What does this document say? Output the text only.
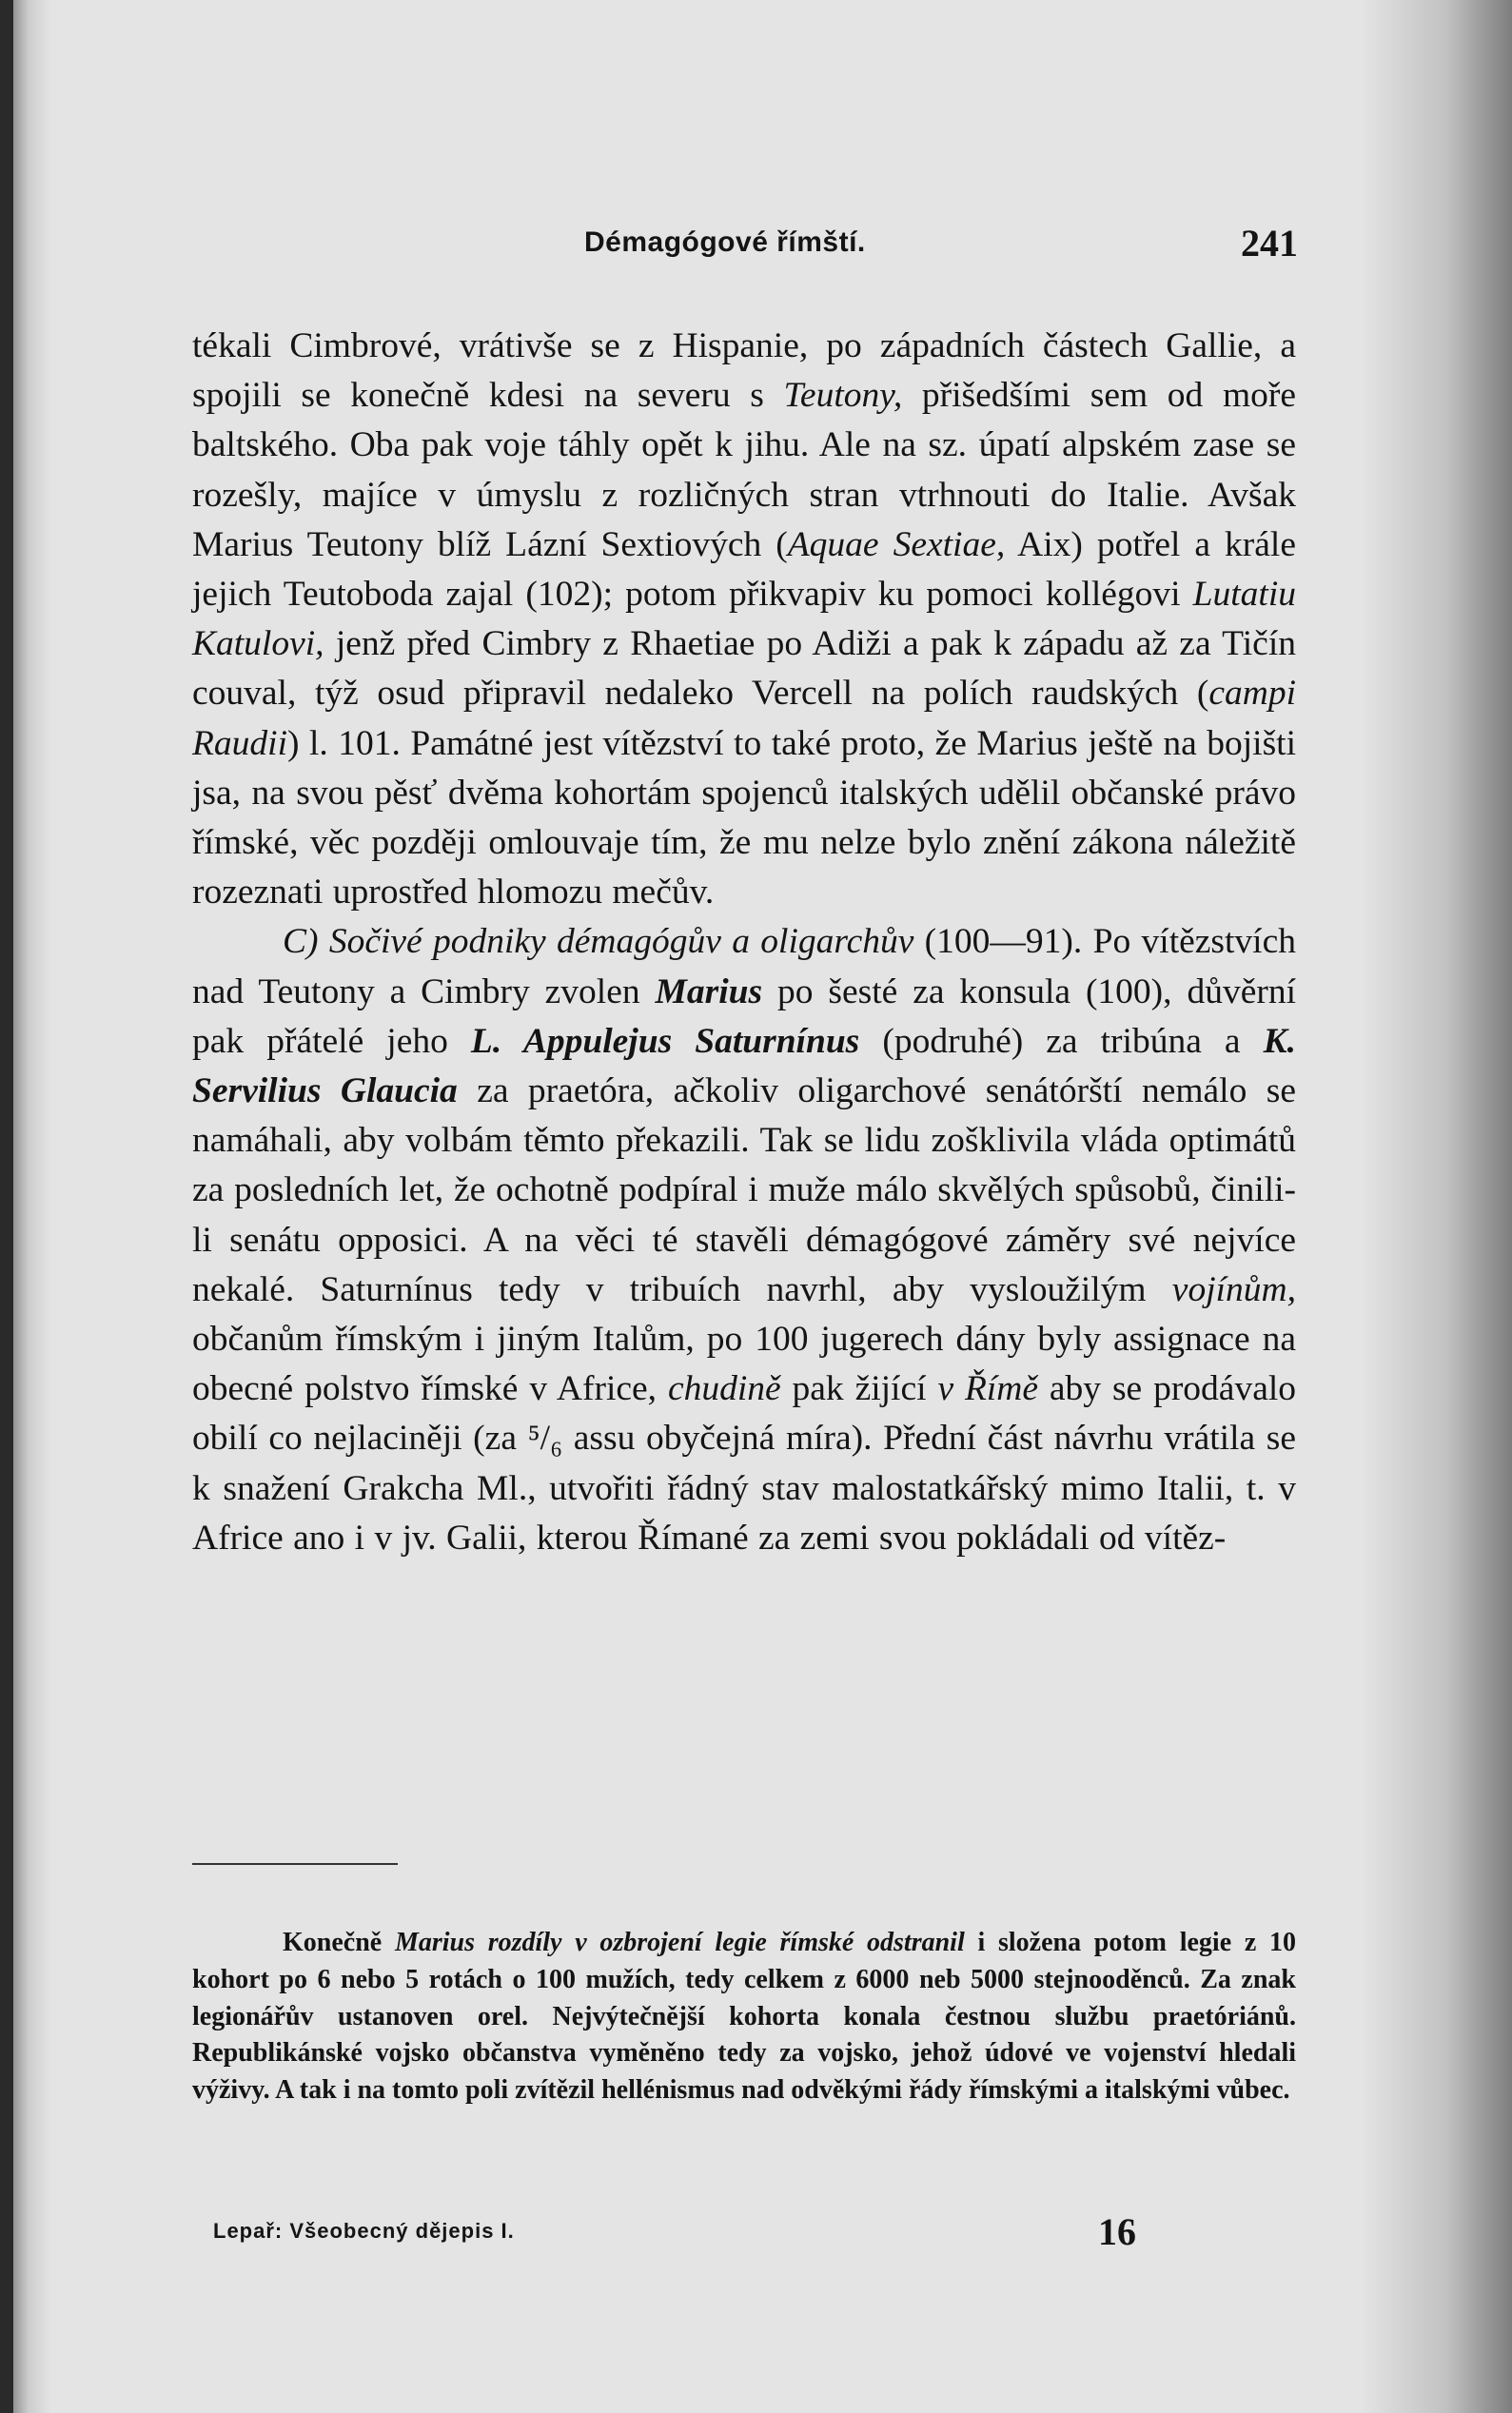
Démagógové římští.	241

tékali Cimbrové, vrátivše se z Hispanie, po západních částech Gallie, a spojili se konečně kdesi na severu s Teutony, přišedšími sem od moře baltského. Oba pak voje táhly opět k jihu. Ale na sz. úpatí alpském zase se rozešly, majíce v úmyslu z rozličných stran vtrhnouti do Italie. Avšak Marius Teutony blíž Lázní Sextiových (Aquae Sextiae, Aix) potřel a krále jejich Teutoboda zajal (102); potom přikvapiv ku pomoci kollégovi Lutatiu Katulovi, jenž před Cimbry z Rhaetiae po Adiži a pak k západu až za Tičín couval, týž osud připravil nedaleko Vercell na polích raudských (campi Raudii) l. 101. Památné jest vítězství to také proto, že Marius ještě na bojišti jsa, na svou pěsť dvěma kohortám spojenců italských udělil občanské právo římské, věc později omlouvaje tím, že mu nelze bylo znění zákona náležitě rozeznati uprostřed hlomozu mečův.

C) Sočivé podniky démagógův a oligarchův (100—91). Po vítězstvích nad Teutony a Cimbry zvolen Marius po šesté za konsula (100), důvěrní pak přátelé jeho L. Appulejus Saturnínus (podruhé) za tribúna a K. Servilius Glaucia za praetóra, ačkoliv oligarchové senátórští nemálo se namáhali, aby volbám těmto překazili. Tak se lidu zošklivila vláda optimátů za posledních let, že ochotně podpíral i muže málo skvělých spůsobů, činili-li senátu opposici. A na věci té stavěli démagógové záměry své nejvíce nekalé. Saturnínus tedy v tribuích navrhl, aby vysloužilým vojínům, občanům římským i jiným Italům, po 100 jugerech dány byly assignace na obecné polstvo římské v Africe, chudině pak žijící v Římě aby se prodávalo obilí co nejlaciněji (za ⁵/₆ assu obyčejná míra). Přední část návrhu vrátila se k snažení Grakcha Ml., utvořiti řádný stav malostatkářský mimo Italii, t. v Africe ano i v jv. Galii, kterou Římané za zemi svou pokládali od vítěz-

Konečně Marius rozdíly v ozbrojení legie římské odstranil i složena potom legie z 10 kohort po 6 nebo 5 rotách o 100 mužích, tedy celkem z 6000 neb 5000 stejnooděnců. Za znak legionářův ustanoven orel. Nejvýtečnější kohorta konala čestnou službu praetóriánů. Republikánské vojsko občanstva vyměněno tedy za vojsko, jehož údové ve vojenství hledali výživy. A tak i na tomto poli zvítězil hellénismus nad odvěkými řády římskými a italskými vůbec.

Lepař: Všeobecný dějepis I.	16
